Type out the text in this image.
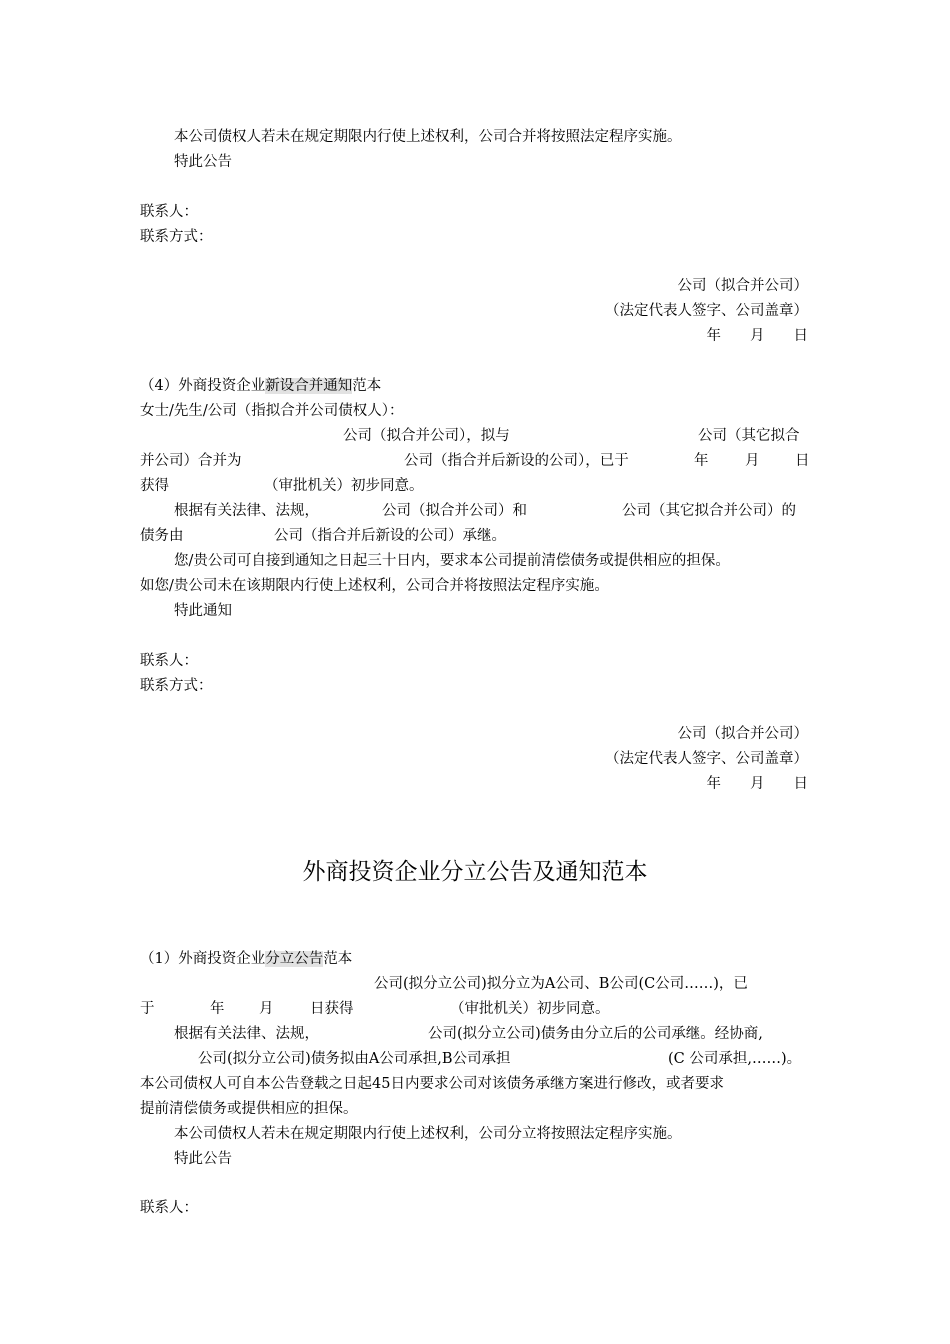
本公司债权人若未在规定期限内行使上述权利，公司合并将按照法定程序实施。
特此公告
联系人：
联系方式：
公司（拟合并公司）
（法定代表人签字、公司盖章）
年　　月　　日
（4）外商投资企业新设合并通知范本
女士/先生/公司（指拟合并公司债权人）：
公司（拟合并公司），拟与	公司（其它拟合
并公司）合并为	公司（指合并后新设的公司），已于	年	月 日
获得	（审批机关）初步同意。
根据有关法律、法规，	公司（拟合并公司）和	公司（其它拟合并公司）的
债务由	公司（指合并后新设的公司）承继。
您/贵公司可自接到通知之日起三十日内，要求本公司提前清偿债务或提供相应的担保。
如您/贵公司未在该期限内行使上述权利，公司合并将按照法定程序实施。
特此通知
联系人：
联系方式：
公司（拟合并公司）
（法定代表人签字、公司盖章）
年　　月　　日
外商投资企业分立公告及通知范本
（1）外商投资企业分立公告范本
公司(拟分立公司)拟分立为A公司、B公司(C公司……)，已
于	年 月	日获得	（审批机关）初步同意。
根据有关法律、法规，	公司(拟分立公司)债务由分立后的公司承继。经协商,
公司(拟分立公司)债务拟由A公司承担,B公司承担	(C 公司承担,……)。
本公司债权人可自本公告登载之日起45日内要求公司对该债务承继方案进行修改，或者要求
提前清偿债务或提供相应的担保。
本公司债权人若未在规定期限内行使上述权利，公司分立将按照法定程序实施。
特此公告
联系人：
